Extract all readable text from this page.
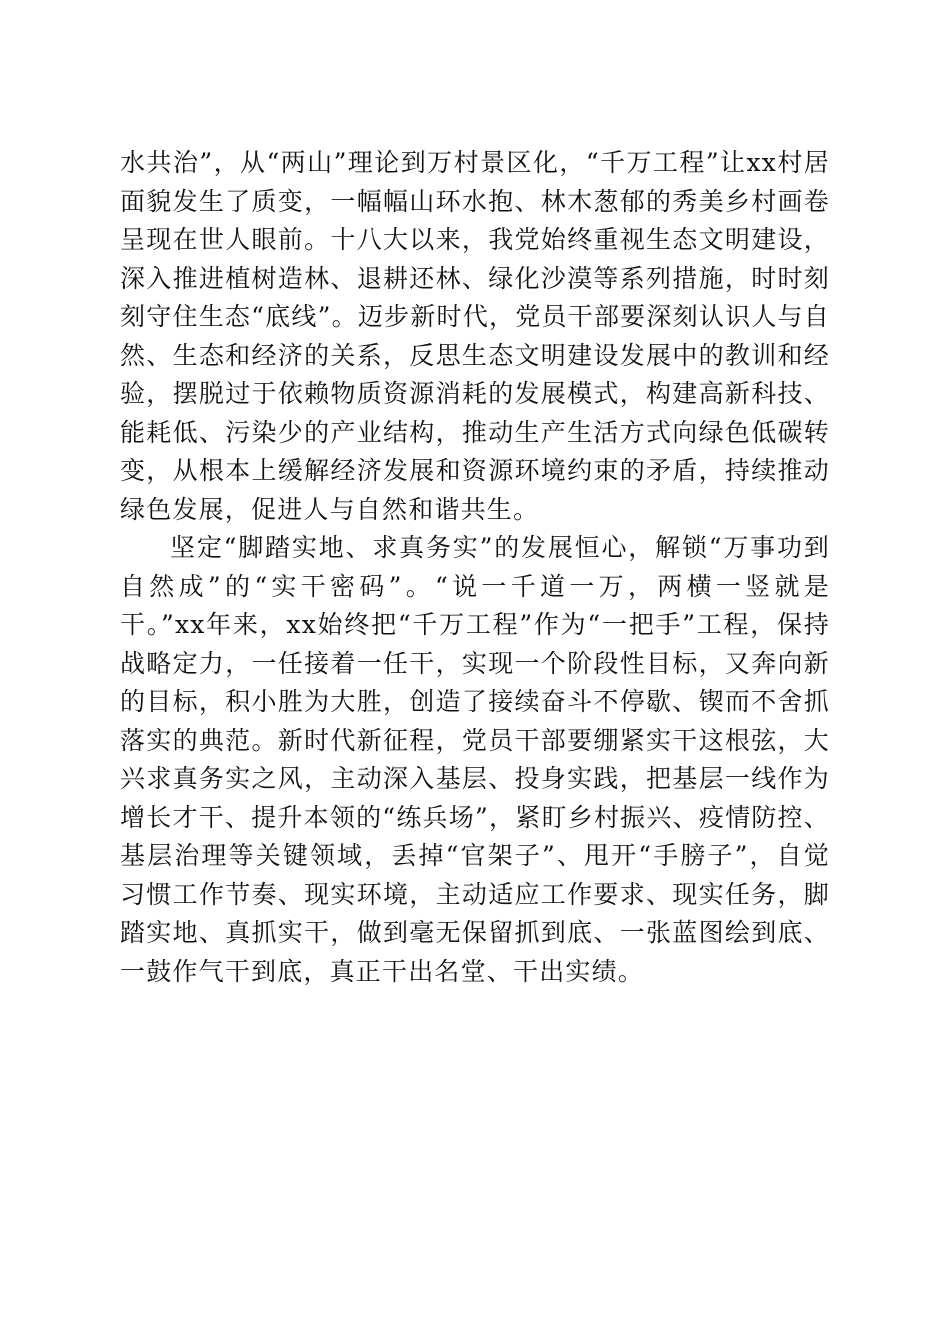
水共治”，从“两山”理论到万村景区化，“千万工程”让xx村居面貌发生了质变，一幅幅山环水抱、林木葱郁的秀美乡村画卷呈现在世人眼前。十八大以来，我党始终重视生态文明建设，深入推进植树造林、退耕还林、绿化沙漠等系列措施，时时刻刻守住生态“底线”。迈步新时代，党员干部要深刻认识人与自然、生态和经济的关系，反思生态文明建设发展中的教训和经验，摆脱过于依赖物质资源消耗的发展模式，构建高新科技、能耗低、污染少的产业结构，推动生产生活方式向绿色低碳转变，从根本上缓解经济发展和资源环境约束的矛盾，持续推动绿色发展，促进人与自然和谐共生。

坚定“脚踏实地、求真务实”的发展恒心，解锁“万事功到自然成”的“实干密码”。“说一千道一万，两横一竖就是干。”xx年来，xx始终把“千万工程”作为“一把手”工程，保持战略定力，一任接着一任干，实现一个阶段性目标，又奔向新的目标，积小胜为大胜，创造了接续奋斗不停歇、锲而不舍抓落实的典范。新时代新征程，党员干部要绷紧实干这根弦，大兴求真务实之风，主动深入基层、投身实践，把基层一线作为增长才干、提升本领的“练兵场”，紧盯乡村振兴、疫情防控、基层治理等关键领域，丢掉“官架子”、甩开“手膀子”，自觉习惯工作节奏、现实环境，主动适应工作要求、现实任务，脚踏实地、真抓实干，做到毫无保留抓到底、一张蓝图绘到底、一鼓作气干到底，真正干出名堂、干出实绩。
